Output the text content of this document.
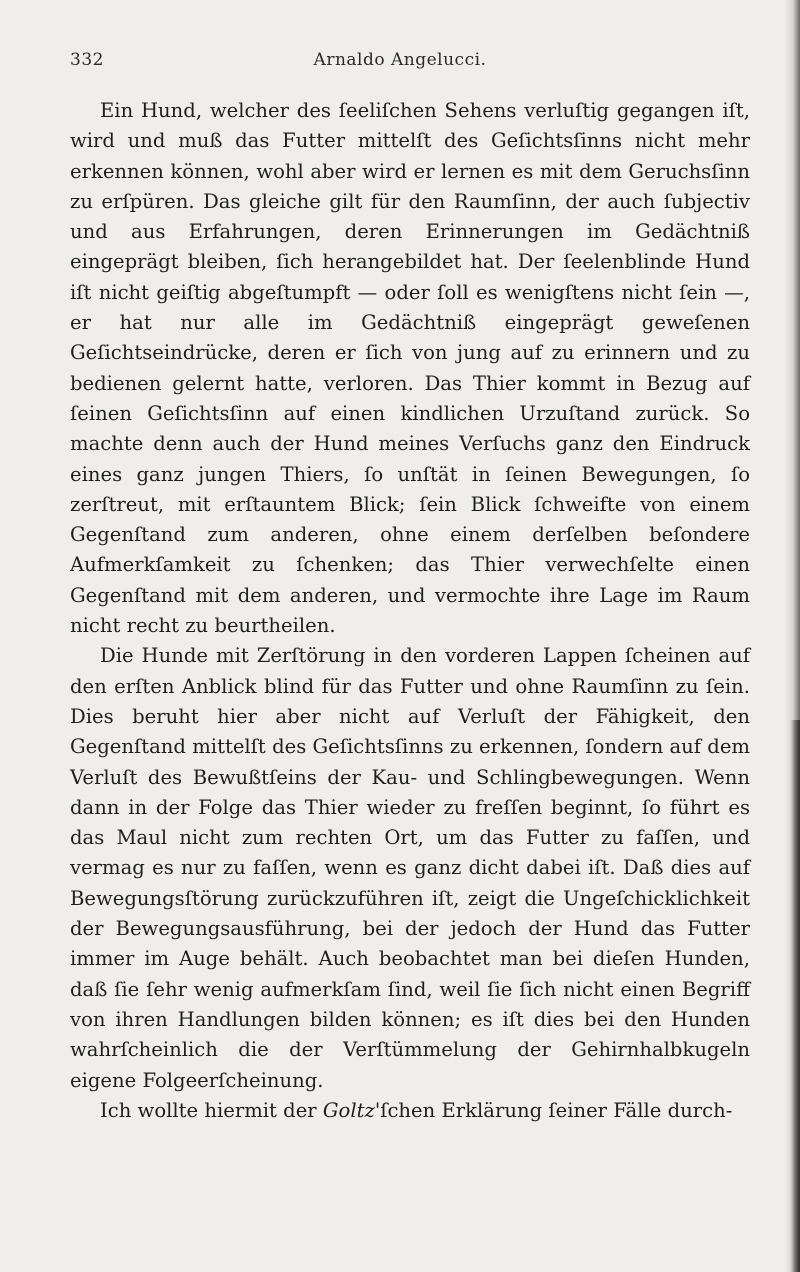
332	Arnaldo Angelucci.

Ein Hund, welcher des ſeeliſchen Sehens verluſtig gegangen iſt, wird und muß das Futter mittelſt des Geſichtsſinns nicht mehr erkennen können, wohl aber wird er lernen es mit dem Geruchsſinn zu erſpüren. Das gleiche gilt für den Raumſinn, der auch ſubjectiv und aus Erfahrungen, deren Erinnerungen im Gedächtniß eingeprägt bleiben, ſich herangebildet hat. Der ſeelenblinde Hund iſt nicht geiſtig abgeſtumpft — oder ſoll es wenigſtens nicht ſein —, er hat nur alle im Gedächtniß eingeprägt geweſenen Geſichtseindrücke, deren er ſich von jung auf zu erinnern und zu bedienen gelernt hatte, verloren. Das Thier kommt in Bezug auf ſeinen Geſichtsſinn auf einen kindlichen Urzuſtand zurück. So machte denn auch der Hund meines Verſuchs ganz den Eindruck eines ganz jungen Thiers, ſo unſtät in ſeinen Bewegungen, ſo zerſtreut, mit erſtauntem Blick; ſein Blick ſchweifte von einem Gegenſtand zum anderen, ohne einem derſelben beſondere Aufmerkſamkeit zu ſchenken; das Thier verwechſelte einen Gegenſtand mit dem anderen, und vermochte ihre Lage im Raum nicht recht zu beurtheilen.

Die Hunde mit Zerſtörung in den vorderen Lappen ſcheinen auf den erſten Anblick blind für das Futter und ohne Raumſinn zu ſein. Dies beruht hier aber nicht auf Verluſt der Fähigkeit, den Gegenſtand mittelſt des Geſichtsſinns zu erkennen, ſondern auf dem Verluſt des Bewußtſeins der Kau- und Schlingbewegungen. Wenn dann in der Folge das Thier wieder zu freſſen beginnt, ſo führt es das Maul nicht zum rechten Ort, um das Futter zu faſſen, und vermag es nur zu faſſen, wenn es ganz dicht dabei iſt. Daß dies auf Bewegungsſtörung zurückzuführen iſt, zeigt die Ungeſchicklichkeit der Bewegungsausführung, bei der jedoch der Hund das Futter immer im Auge behält. Auch beobachtet man bei dieſen Hunden, daß ſie ſehr wenig aufmerkſam ſind, weil ſie ſich nicht einen Begriff von ihren Handlungen bilden können; es iſt dies bei den Hunden wahrſcheinlich die der Verſtümmelung der Gehirnhalbkugeln eigene Folgeerſcheinung.

Ich wollte hiermit der Goltz'ſchen Erklärung ſeiner Fälle durch-
